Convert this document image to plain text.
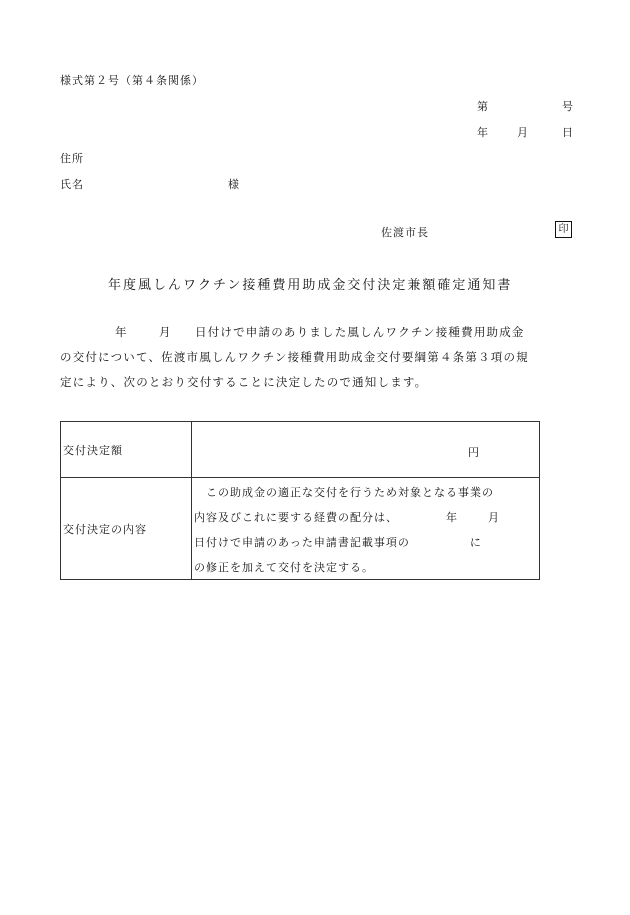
様式第２号（第４条関係）
第	号
年	月	日
住所
氏名	様
佐渡市長	印
年度風しんワクチン接種費用助成金交付決定兼額確定通知書
年	月 日付けで申請のありました風しんワクチン接種費用助成金
の交付について、佐渡市風しんワクチン接種費用助成金交付要綱第４条第３項の規
定により、次のとおり交付することに決定したので通知します。
交付決定額	円

交付決定の内容	この助成金の適正な交付を行うため対象となる事業の
内容及びこれに要する経費の配分は、 年 月
日付けで申請のあった申請書記載事項の に
の修正を加えて交付を決定する。
